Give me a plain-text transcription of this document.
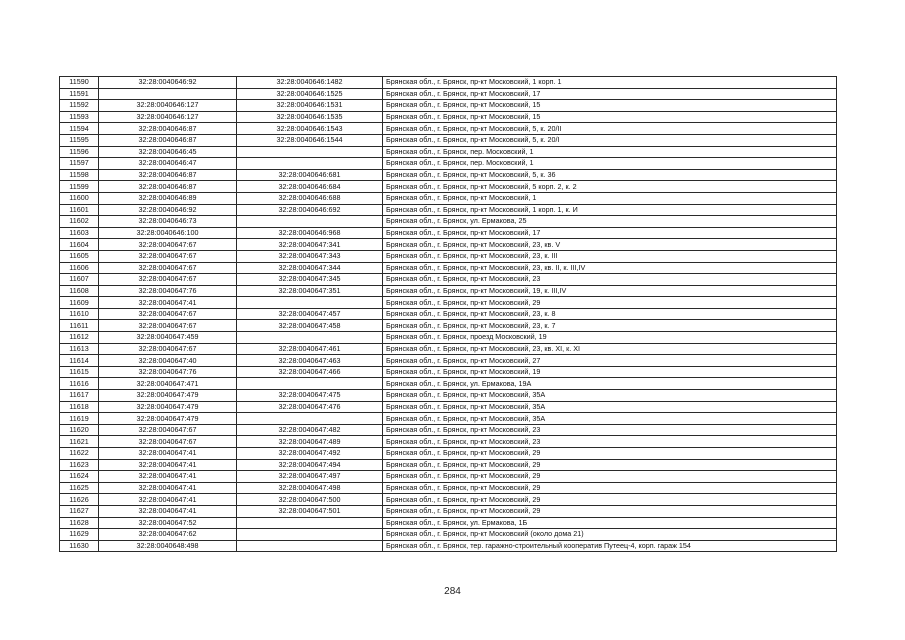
11590	32:28:0040646:92	32:28:0040646:1482	Брянская обл., г. Брянск, пр-кт Московский, 1 корп. 1
11591		32:28:0040646:1525	Брянская обл., г. Брянск, пр-кт Московский, 17
11592	32:28:0040646:127	32:28:0040646:1531	Брянская обл., г. Брянск, пр-кт Московский, 15
11593	32:28:0040646:127	32:28:0040646:1535	Брянская обл., г. Брянск, пр-кт Московский, 15
11594	32:28:0040646:87	32:28:0040646:1543	Брянская обл., г. Брянск, пр-кт Московский, 5, к. 20/II
11595	32:28:0040646:87	32:28:0040646:1544	Брянская обл., г. Брянск, пр-кт Московский, 5, к. 20/I
11596	32:28:0040646:45		Брянская обл., г. Брянск, пер. Московский, 1
11597	32:28:0040646:47		Брянская обл., г. Брянск, пер. Московский, 1
11598	32:28:0040646:87	32:28:0040646:681	Брянская обл., г. Брянск, пр-кт Московский, 5, к. 36
11599	32:28:0040646:87	32:28:0040646:684	Брянская обл., г. Брянск, пр-кт Московский, 5 корп. 2, к. 2
11600	32:28:0040646:89	32:28:0040646:688	Брянская обл., г. Брянск, пр-кт Московский, 1
11601	32:28:0040646:92	32:28:0040646:692	Брянская обл., г. Брянск, пр-кт Московский, 1 корп. 1, к. И
11602	32:28:0040646:73		Брянская обл., г. Брянск, ул. Ермакова, 25
11603	32:28:0040646:100	32:28:0040646:968	Брянская обл., г. Брянск, пр-кт Московский, 17
11604	32:28:0040647:67	32:28:0040647:341	Брянская обл., г. Брянск, пр-кт Московский, 23, кв. V
11605	32:28:0040647:67	32:28:0040647:343	Брянская обл., г. Брянск, пр-кт Московский, 23, к. III
11606	32:28:0040647:67	32:28:0040647:344	Брянская обл., г. Брянск, пр-кт Московский, 23, кв. II, к. III,IV
11607	32:28:0040647:67	32:28:0040647:345	Брянская обл., г. Брянск, пр-кт Московский, 23
11608	32:28:0040647:76	32:28:0040647:351	Брянская обл., г. Брянск, пр-кт Московский, 19, к. III,IV
11609	32:28:0040647:41		Брянская обл., г. Брянск, пр-кт Московский, 29
11610	32:28:0040647:67	32:28:0040647:457	Брянская обл., г. Брянск, пр-кт Московский, 23, к. 8
11611	32:28:0040647:67	32:28:0040647:458	Брянская обл., г. Брянск, пр-кт Московский, 23, к. 7
11612	32:28:0040647:459		Брянская обл., г. Брянск, проезд Московский, 19
11613	32:28:0040647:67	32:28:0040647:461	Брянская обл., г. Брянск, пр-кт Московский, 23, кв. XI, к. XI
11614	32:28:0040647:40	32:28:0040647:463	Брянская обл., г. Брянск, пр-кт Московский, 27
11615	32:28:0040647:76	32:28:0040647:466	Брянская обл., г. Брянск, пр-кт Московский, 19
11616	32:28:0040647:471		Брянская обл., г. Брянск, ул. Ермакова, 19А
11617	32:28:0040647:479	32:28:0040647:475	Брянская обл., г. Брянск, пр-кт Московский, 35А
11618	32:28:0040647:479	32:28:0040647:476	Брянская обл., г. Брянск, пр-кт Московский, 35А
11619	32:28:0040647:479		Брянская обл., г. Брянск, пр-кт Московский, 35А
11620	32:28:0040647:67	32:28:0040647:482	Брянская обл., г. Брянск, пр-кт Московский, 23
11621	32:28:0040647:67	32:28:0040647:489	Брянская обл., г. Брянск, пр-кт Московский, 23
11622	32:28:0040647:41	32:28:0040647:492	Брянская обл., г. Брянск, пр-кт Московский, 29
11623	32:28:0040647:41	32:28:0040647:494	Брянская обл., г. Брянск, пр-кт Московский, 29
11624	32:28:0040647:41	32:28:0040647:497	Брянская обл., г. Брянск, пр-кт Московский, 29
11625	32:28:0040647:41	32:28:0040647:498	Брянская обл., г. Брянск, пр-кт Московский, 29
11626	32:28:0040647:41	32:28:0040647:500	Брянская обл., г. Брянск, пр-кт Московский, 29
11627	32:28:0040647:41	32:28:0040647:501	Брянская обл., г. Брянск, пр-кт Московский, 29
11628	32:28:0040647:52		Брянская обл., г. Брянск, ул. Ермакова, 1Б
11629	32:28:0040647:62		Брянская обл., г. Брянск, пр-кт Московский (около дома 21)
11630	32:28:0040648:498		Брянская обл., г. Брянск, тер. гаражно-строительный кооператив Путеец-4, корп. гараж 154
284
